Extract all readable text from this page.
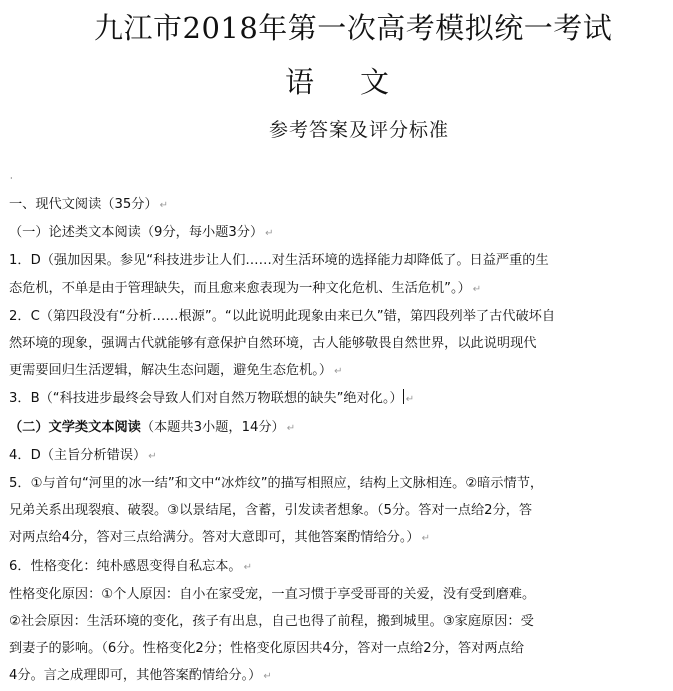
九江市2018年第一次高考模拟统一考试
语 文
参考答案及评分标准
·

一、现代文阅读（35分） ↵

（一）论述类文本阅读（9分，每小题3分） ↵

1．D（强加因果。参见“科技进步让人们……对生活环境的选择能力却降低了。日益严重的生

态危机，不单是由于管理缺失，而且愈来愈表现为一种文化危机、生活危机”。） ↵

2．C（第四段没有“分析……根源”。“以此说明此现象由来已久”错，第四段列举了古代破坏自

然环境的现象，强调古代就能够有意保护自然环境，古人能够敬畏自然世界，以此说明现代

更需要回归生活逻辑，解决生态问题，避免生态危机。） ↵

3．B（“科技进步最终会导致人们对自然万物联想的缺失”绝对化。） ↵

（二）文学类文本阅读（本题共3小题，14分） ↵

4．D（主旨分析错误） ↵

5．①与首句“河里的冰一结”和文中“冰炸纹”的描写相照应，结构上文脉相连。②暗示情节，

兄弟关系出现裂痕、破裂。③以景结尾，含蓄，引发读者想象。（5分。答对一点给2分，答

对两点给4分，答对三点给满分。答对大意即可，其他答案酌情给分。） ↵

6．性格变化：纯朴感恩变得自私忘本。 ↵

性格变化原因：①个人原因：自小在家受宠，一直习惯于享受哥哥的关爱，没有受到磨难。

②社会原因：生活环境的变化，孩子有出息，自己也得了前程，搬到城里。③家庭原因：受

到妻子的影响。（6分。性格变化2分；性格变化原因共4分，答对一点给2分，答对两点给

4分。言之成理即可，其他答案酌情给分。） ↵
